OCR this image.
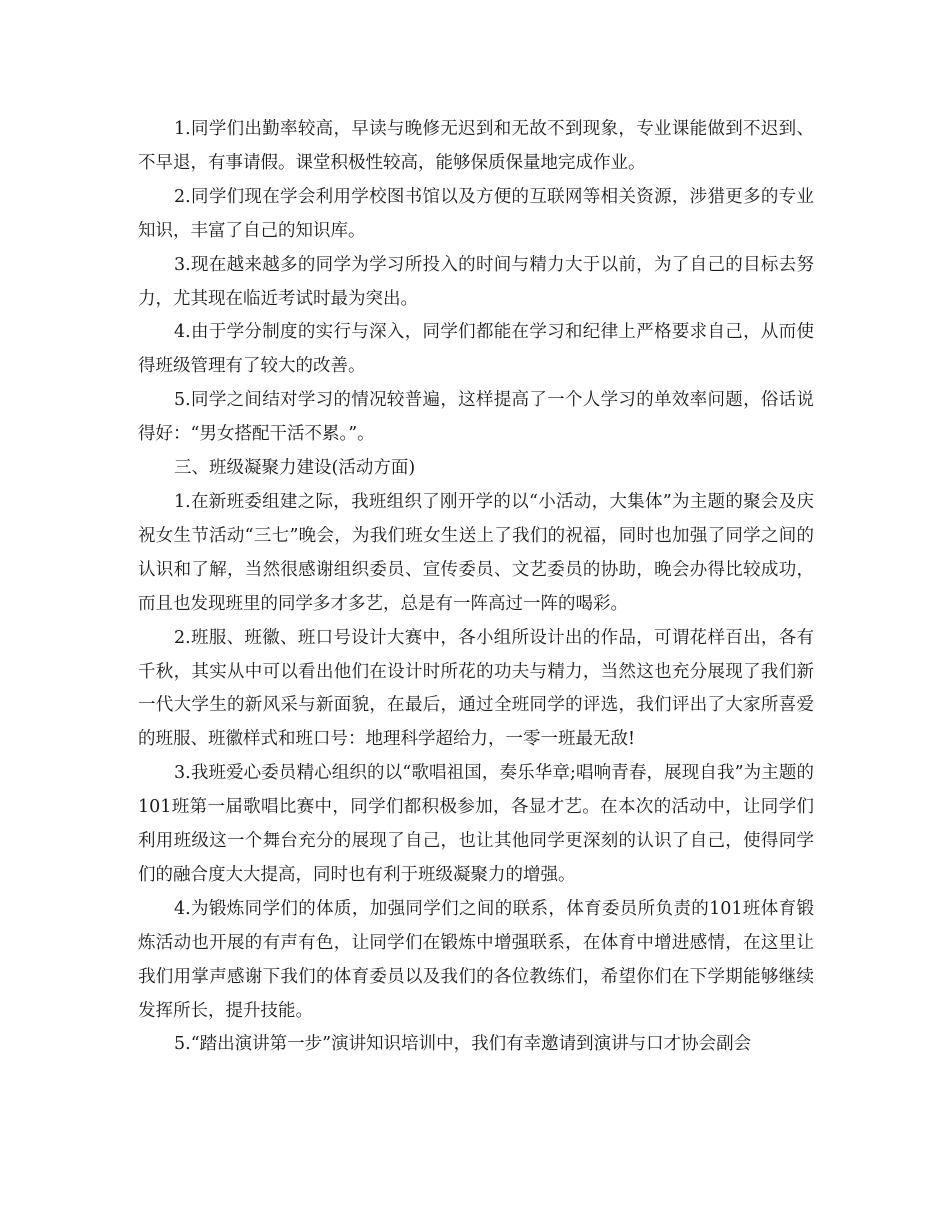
1.同学们出勤率较高，早读与晚修无迟到和无故不到现象，专业课能做到不迟到、不早退，有事请假。课堂积极性较高，能够保质保量地完成作业。

2.同学们现在学会利用学校图书馆以及方便的互联网等相关资源，涉猎更多的专业知识，丰富了自己的知识库。

3.现在越来越多的同学为学习所投入的时间与精力大于以前，为了自己的目标去努力，尤其现在临近考试时最为突出。

4.由于学分制度的实行与深入，同学们都能在学习和纪律上严格要求自己，从而使得班级管理有了较大的改善。

5.同学之间结对学习的情况较普遍，这样提高了一个人学习的单效率问题，俗话说得好：“男女搭配干活不累。”。

三、班级凝聚力建设(活动方面)

1.在新班委组建之际，我班组织了刚开学的以“小活动，大集体”为主题的聚会及庆祝女生节活动“三七”晚会，为我们班女生送上了我们的祝福，同时也加强了同学之间的认识和了解，当然很感谢组织委员、宣传委员、文艺委员的协助，晚会办得比较成功，而且也发现班里的同学多才多艺，总是有一阵高过一阵的喝彩。

2.班服、班徽、班口号设计大赛中，各小组所设计出的作品，可谓花样百出，各有千秋，其实从中可以看出他们在设计时所花的功夫与精力，当然这也充分展现了我们新一代大学生的新风采与新面貌，在最后，通过全班同学的评选，我们评出了大家所喜爱的班服、班徽样式和班口号：地理科学超给力，一零一班最无敌!

3.我班爱心委员精心组织的以“歌唱祖国，奏乐华章;唱响青春，展现自我”为主题的101班第一届歌唱比赛中，同学们都积极参加，各显才艺。在本次的活动中，让同学们利用班级这一个舞台充分的展现了自己，也让其他同学更深刻的认识了自己，使得同学们的融合度大大提高，同时也有利于班级凝聚力的增强。

4.为锻炼同学们的体质，加强同学们之间的联系，体育委员所负责的101班体育锻炼活动也开展的有声有色，让同学们在锻炼中增强联系，在体育中增进感情，在这里让我们用掌声感谢下我们的体育委员以及我们的各位教练们，希望你们在下学期能够继续发挥所长，提升技能。

5.“踏出演讲第一步”演讲知识培训中，我们有幸邀请到演讲与口才协会副会
